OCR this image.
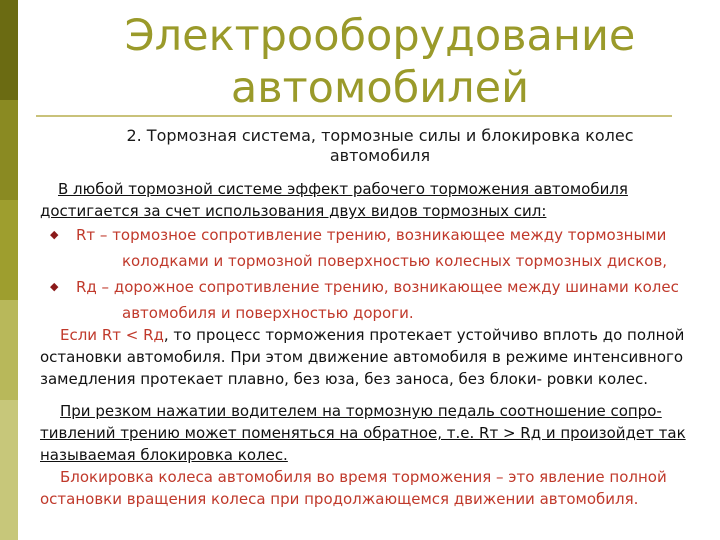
Электрооборудование автомобилей
2. Тормозная система, тормозные силы и блокировка колес автомобиля
В любой тормозной системе эффект рабочего торможения автомобиля достигается за счет использования двух видов тормозных сил:
◆ Rт – тормозное сопротивление трению, возникающее между тормозными
колодками и тормозной поверхностью колесных тормозных дисков,
◆ Rд – дорожное сопротивление трению, возникающее между шинами колес
автомобиля и поверхностью дороги.
Если Rт < Rд, то процесс торможения протекает устойчиво вплоть до полной остановки автомобиля. При этом движение автомобиля в режиме интенсивного замедления протекает плавно, без юза, без заноса, без блоки- ровки колес.
При резком нажатии водителем на тормозную педаль соотношение сопро- тивлений трению может поменяться на обратное, т.е. Rт > Rд и произойдет так называемая блокировка колес.
Блокировка колеса автомобиля во время торможения – это явление полной остановки вращения колеса при продолжающемся движении автомобиля.
